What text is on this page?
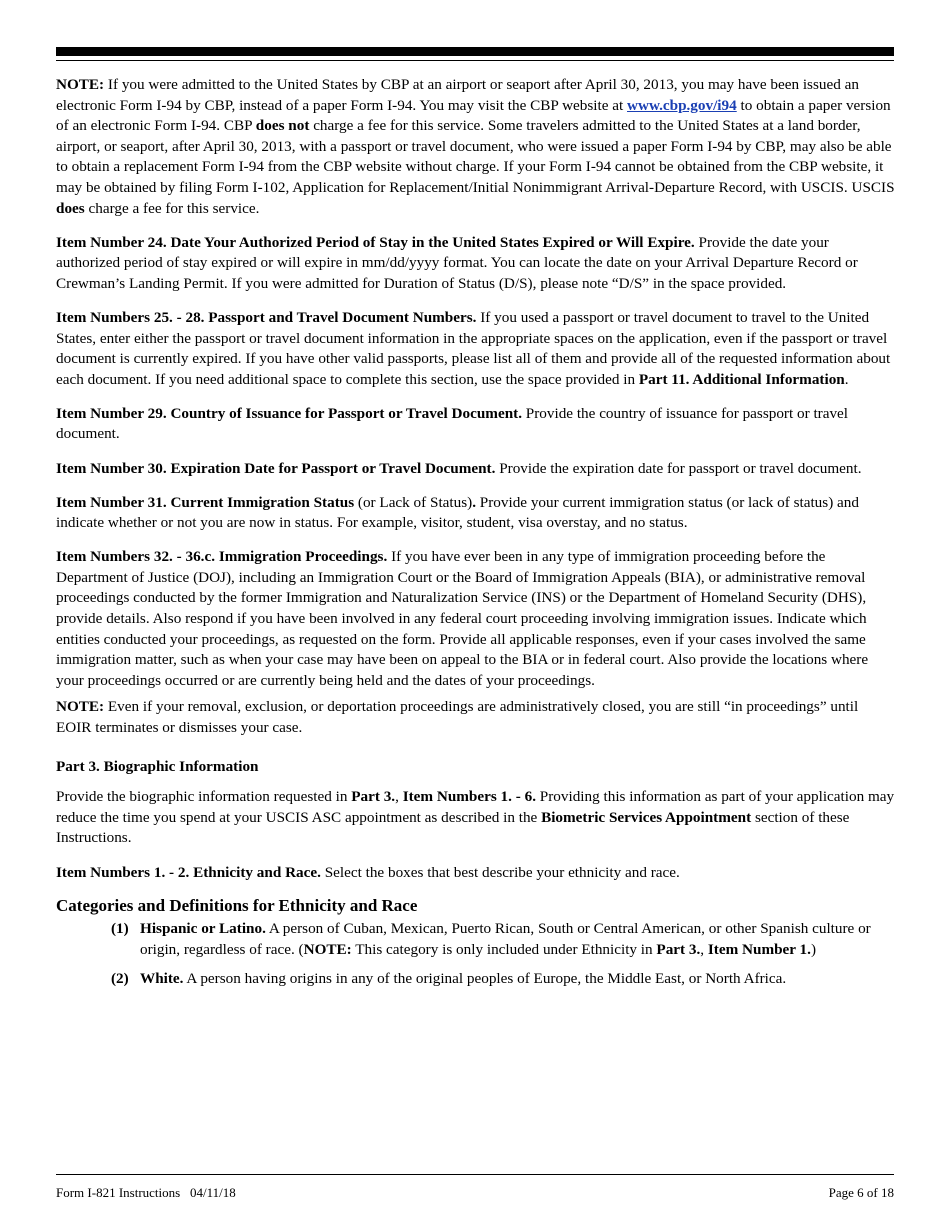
NOTE: If you were admitted to the United States by CBP at an airport or seaport after April 30, 2013, you may have been issued an electronic Form I-94 by CBP, instead of a paper Form I-94. You may visit the CBP website at www.cbp.gov/i94 to obtain a paper version of an electronic Form I-94. CBP does not charge a fee for this service. Some travelers admitted to the United States at a land border, airport, or seaport, after April 30, 2013, with a passport or travel document, who were issued a paper Form I-94 by CBP, may also be able to obtain a replacement Form I-94 from the CBP website without charge. If your Form I-94 cannot be obtained from the CBP website, it may be obtained by filing Form I-102, Application for Replacement/Initial Nonimmigrant Arrival-Departure Record, with USCIS. USCIS does charge a fee for this service.

Item Number 24. Date Your Authorized Period of Stay in the United States Expired or Will Expire. Provide the date your authorized period of stay expired or will expire in mm/dd/yyyy format. You can locate the date on your Arrival Departure Record or Crewman’s Landing Permit. If you were admitted for Duration of Status (D/S), please note “D/S” in the space provided.

Item Numbers 25. - 28. Passport and Travel Document Numbers. If you used a passport or travel document to travel to the United States, enter either the passport or travel document information in the appropriate spaces on the application, even if the passport or travel document is currently expired. If you have other valid passports, please list all of them and provide all of the requested information about each document. If you need additional space to complete this section, use the space provided in Part 11. Additional Information.

Item Number 29. Country of Issuance for Passport or Travel Document. Provide the country of issuance for passport or travel document.

Item Number 30. Expiration Date for Passport or Travel Document. Provide the expiration date for passport or travel document.

Item Number 31. Current Immigration Status (or Lack of Status). Provide your current immigration status (or lack of status) and indicate whether or not you are now in status. For example, visitor, student, visa overstay, and no status.

Item Numbers 32. - 36.c. Immigration Proceedings. If you have ever been in any type of immigration proceeding before the Department of Justice (DOJ), including an Immigration Court or the Board of Immigration Appeals (BIA), or administrative removal proceedings conducted by the former Immigration and Naturalization Service (INS) or the Department of Homeland Security (DHS), provide details. Also respond if you have been involved in any federal court proceeding involving immigration issues. Indicate which entities conducted your proceedings, as requested on the form. Provide all applicable responses, even if your cases involved the same immigration matter, such as when your case may have been on appeal to the BIA or in federal court. Also provide the locations where your proceedings occurred or are currently being held and the dates of your proceedings.

NOTE: Even if your removal, exclusion, or deportation proceedings are administratively closed, you are still “in proceedings” until EOIR terminates or dismisses your case.

Part 3. Biographic Information

Provide the biographic information requested in Part 3., Item Numbers 1. - 6. Providing this information as part of your application may reduce the time you spend at your USCIS ASC appointment as described in the Biometric Services Appointment section of these Instructions.

Item Numbers 1. - 2. Ethnicity and Race. Select the boxes that best describe your ethnicity and race.

Categories and Definitions for Ethnicity and Race

(1) Hispanic or Latino. A person of Cuban, Mexican, Puerto Rican, South or Central American, or other Spanish culture or origin, regardless of race. (NOTE: This category is only included under Ethnicity in Part 3., Item Number 1.)

(2) White. A person having origins in any of the original peoples of Europe, the Middle East, or North Africa.

Form I-821 Instructions   04/11/18	Page 6 of 18
